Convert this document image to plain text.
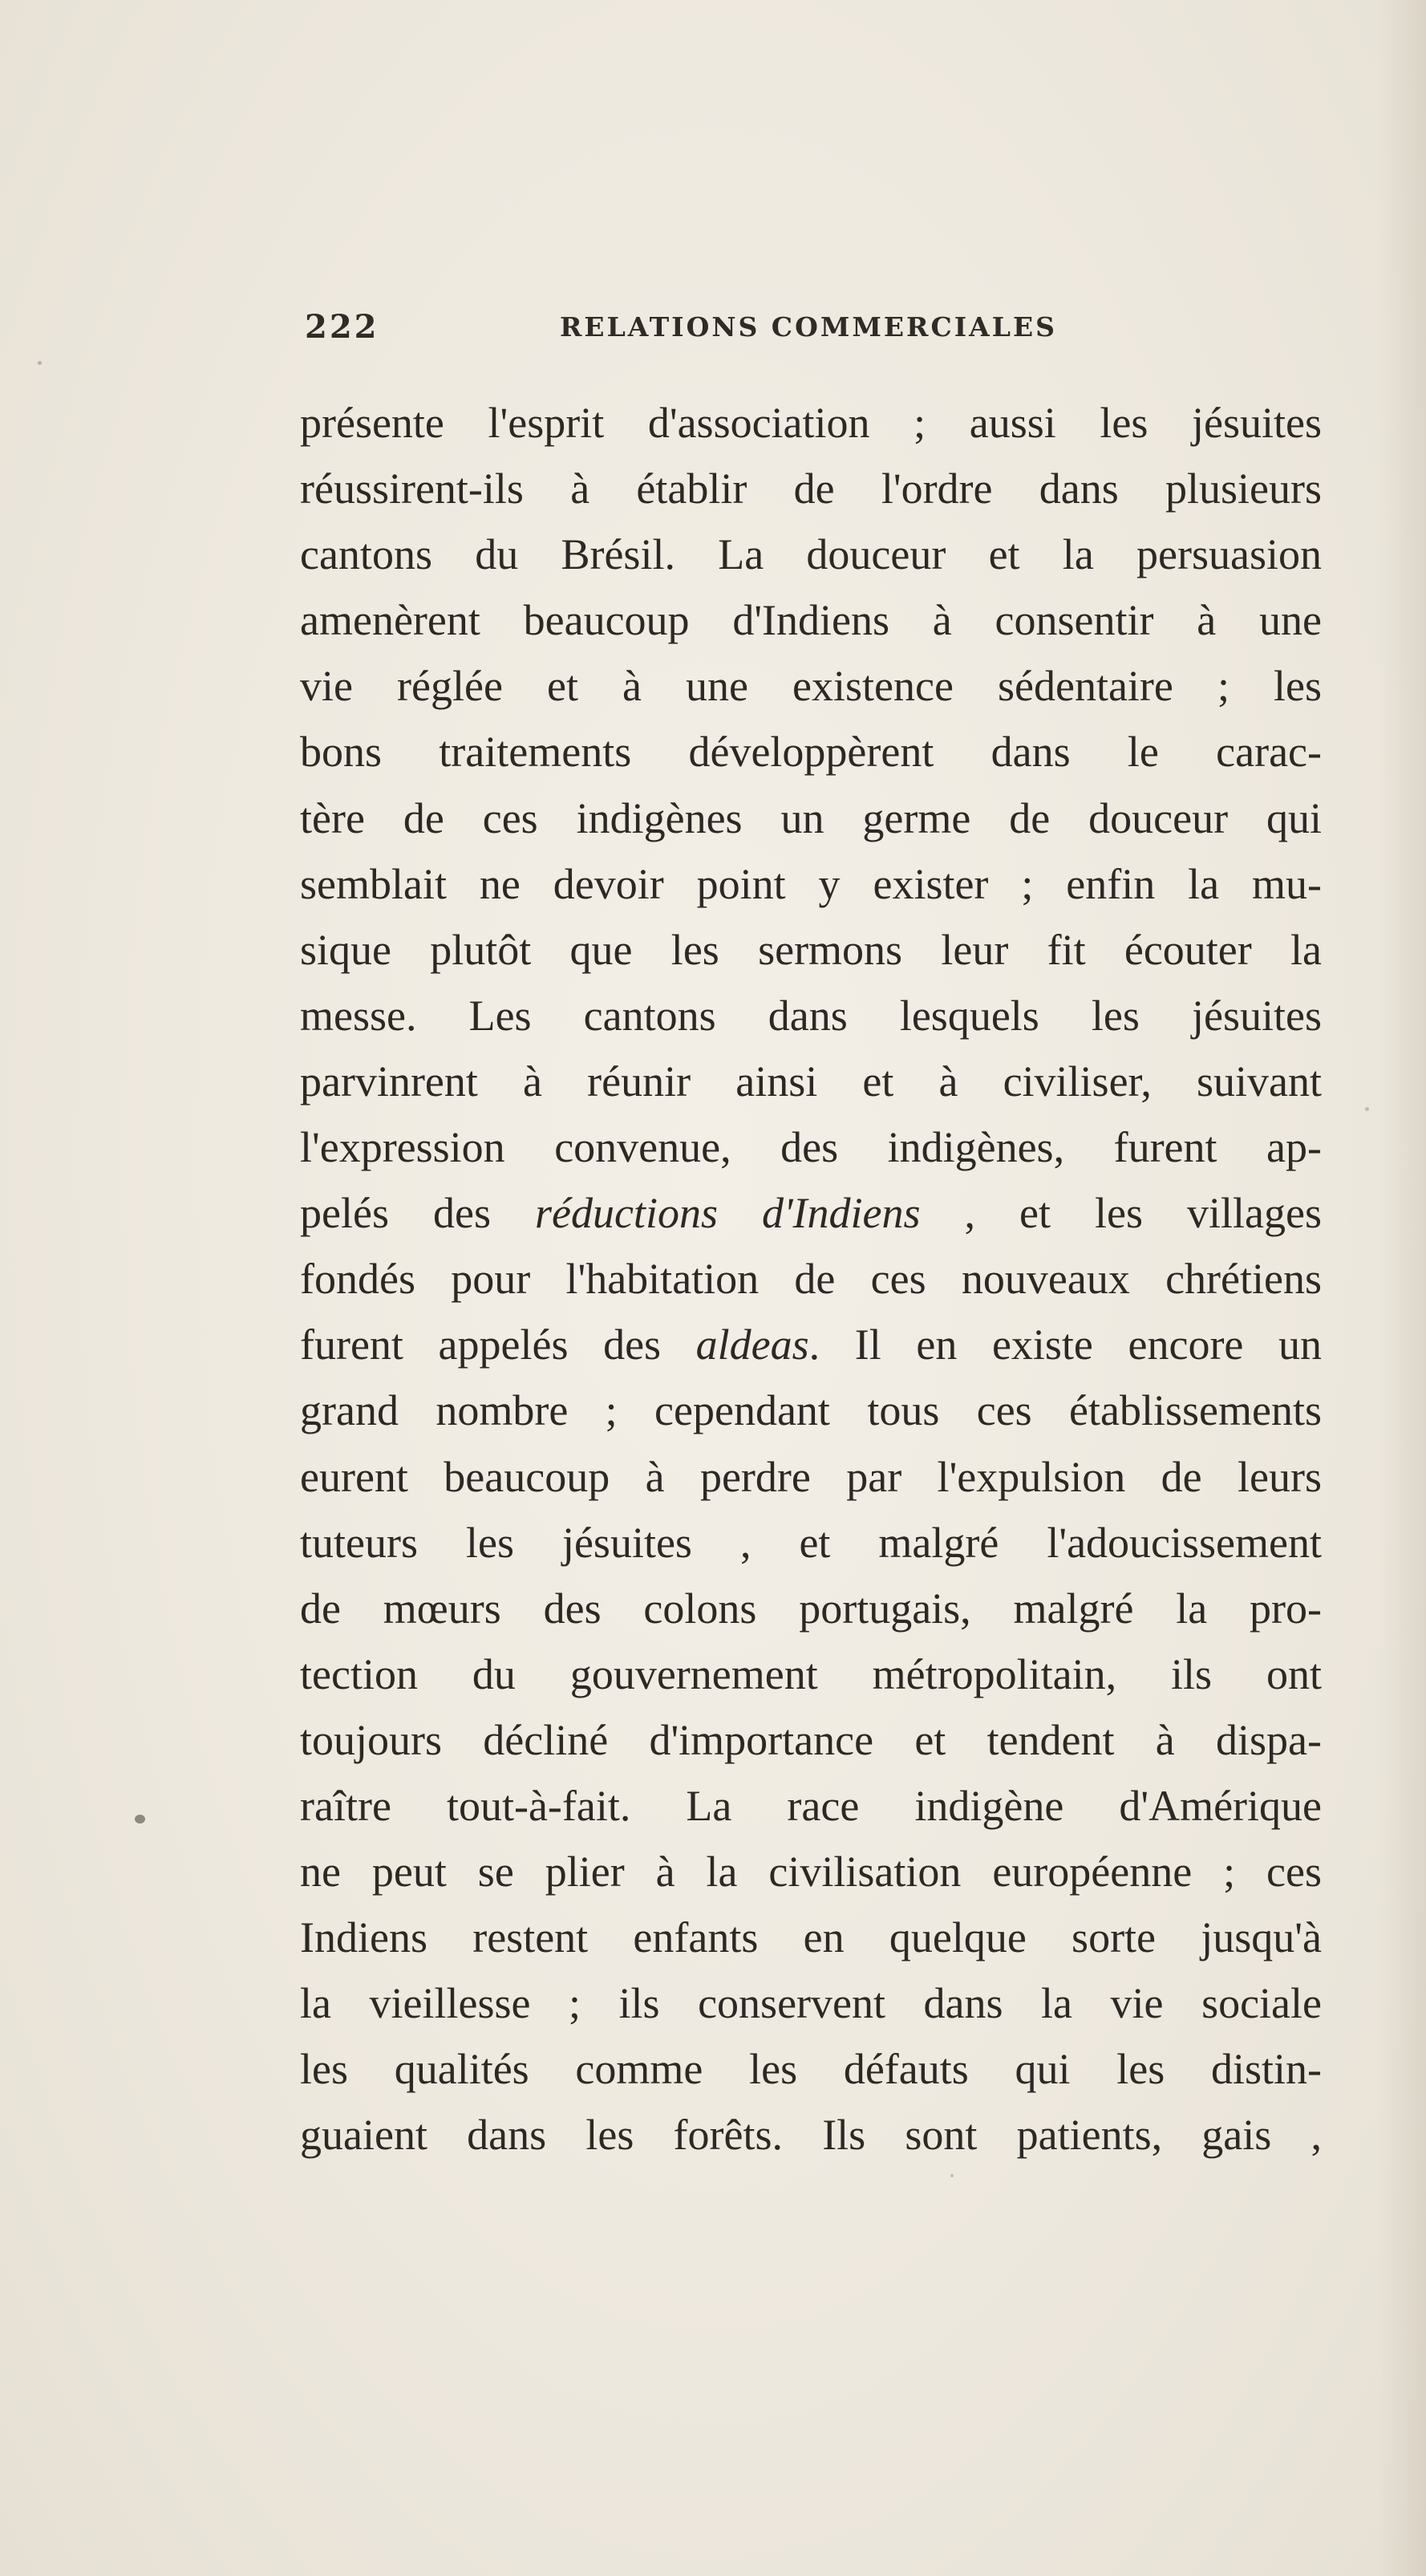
222	RELATIONS COMMERCIALES
présente l'esprit d'association ; aussi les jésuites
réussirent-ils à établir de l'ordre dans plusieurs
cantons du Brésil. La douceur et la persuasion
amenèrent beaucoup d'Indiens à consentir à une
vie réglée et à une existence sédentaire ; les
bons traitements développèrent dans le carac-
tère de ces indigènes un germe de douceur qui
semblait ne devoir point y exister ; enfin la mu-
sique plutôt que les sermons leur fit écouter la
messe. Les cantons dans lesquels les jésuites
parvinrent à réunir ainsi et à civiliser, suivant
l'expression convenue, des indigènes, furent ap-
pelés des réductions d'Indiens , et les villages
fondés pour l'habitation de ces nouveaux chrétiens
furent appelés des aldeas. Il en existe encore un
grand nombre ; cependant tous ces établissements
eurent beaucoup à perdre par l'expulsion de leurs
tuteurs les jésuites , et malgré l'adoucissement
de mœurs des colons portugais, malgré la pro-
tection du gouvernement métropolitain, ils ont
toujours décliné d'importance et tendent à dispa-
raître tout-à-fait. La race indigène d'Amérique
ne peut se plier à la civilisation européenne ; ces
Indiens restent enfants en quelque sorte jusqu'à
la vieillesse ; ils conservent dans la vie sociale
les qualités comme les défauts qui les distin-
guaient dans les forêts. Ils sont patients, gais ,
